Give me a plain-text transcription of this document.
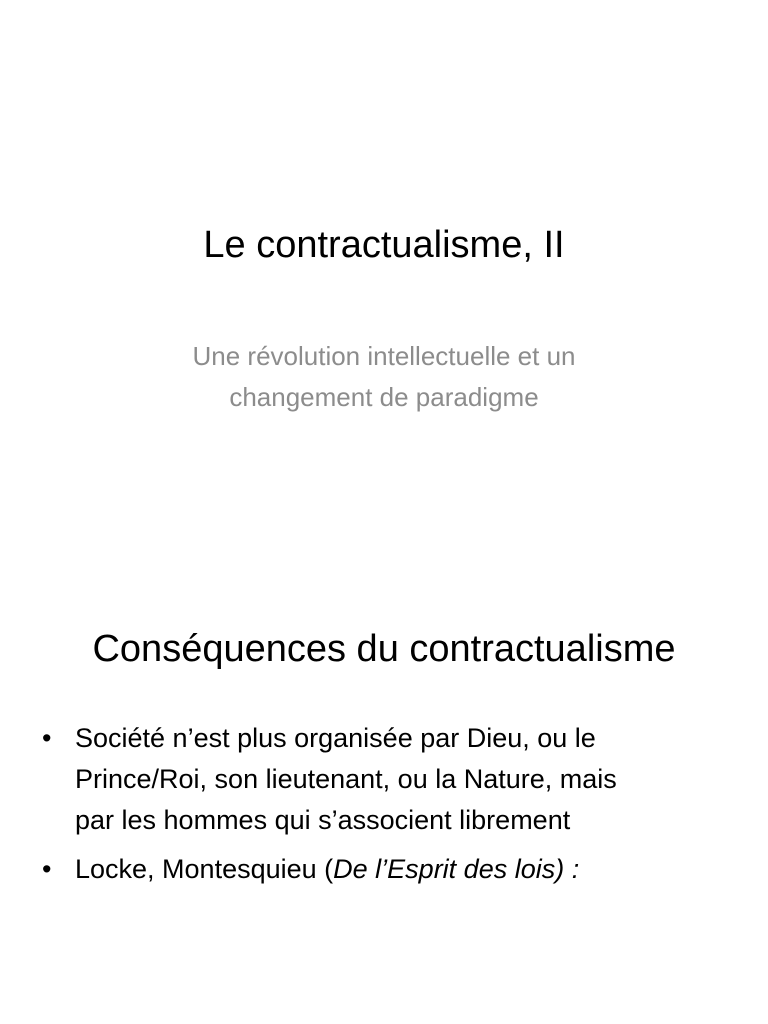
Le contractualisme, II
Une révolution intellectuelle et un
changement de paradigme
Conséquences du contractualisme
• Société n’est plus organisée par Dieu, ou le
Prince/Roi, son lieutenant, ou la Nature, mais
par les hommes qui s’associent librement
• Locke, Montesquieu (De l’Esprit des lois) :
